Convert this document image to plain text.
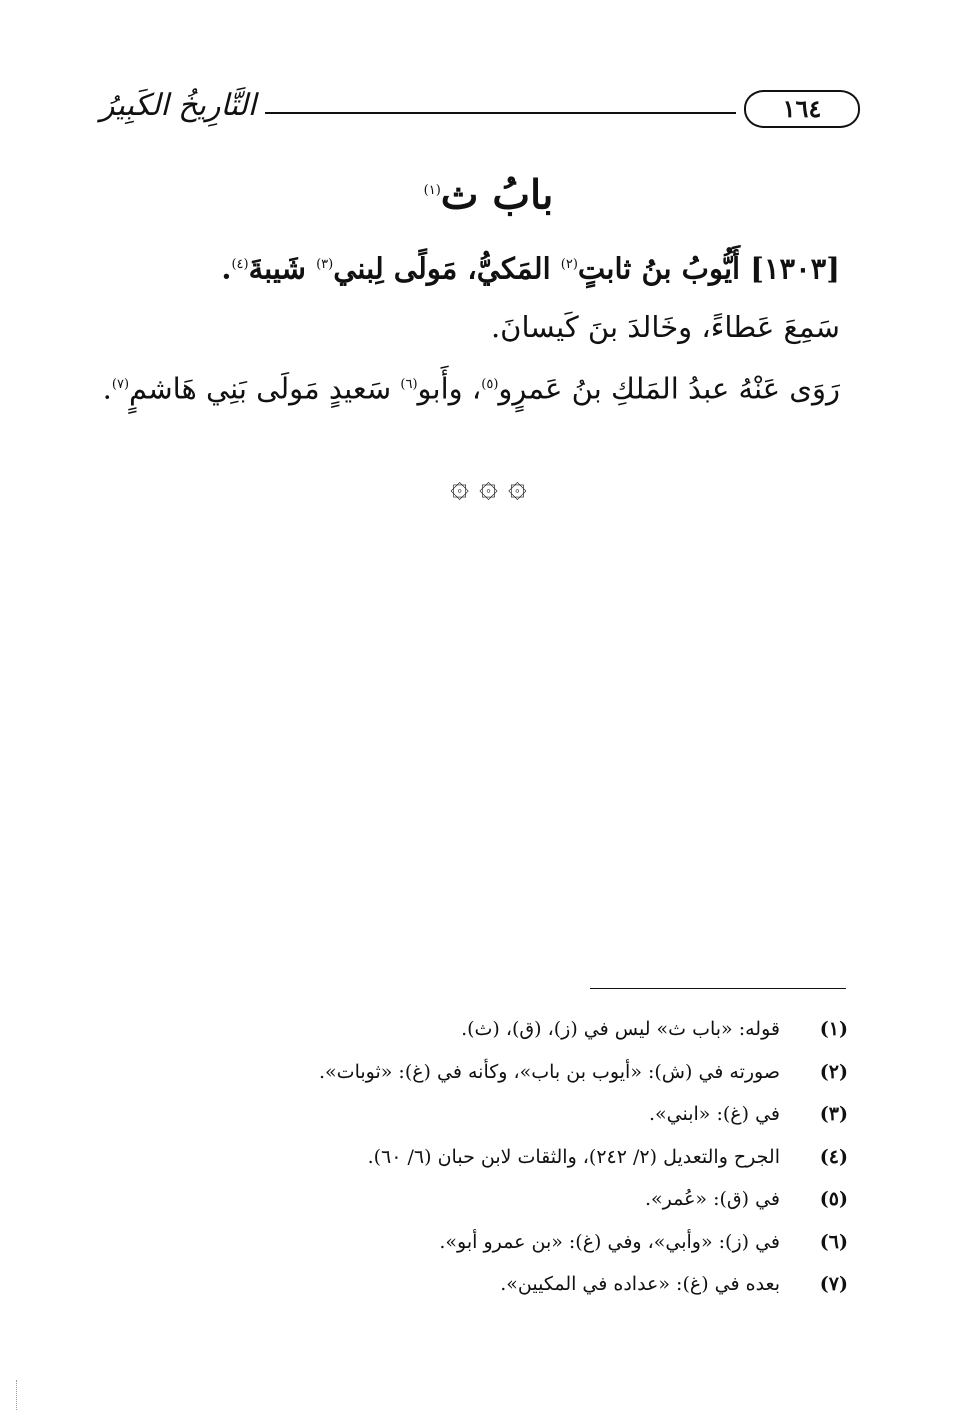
التَّارِيخُ الكَبِيرُ	١٦٤
بابُ ث$^{(١)}$
[١٣٠٣] أَيُّوبُ بنُ ثابتٍ$^{(٢)}$ المَكيُّ، مَولًى لِبني$^{(٣)}$ شَيبةَ$^{(٤)}$.
سَمِعَ عَطاءً، وخَالدَ بنَ كَيسانَ.
رَوَى عَنْهُ عبدُ المَلكِ بنُ عَمرٍو$^{(٥)}$، وأَبو$^{(٦)}$ سَعيدٍ مَولَى بَنِي هَاشمٍ$^{(٧)}$.
۞ ۞ ۞
(١)قوله: «باب ث» ليس في (ز)، (ق)، (ث).
(٢)صورته في (ش): «أيوب بن باب»، وكأنه في (غ): «ثوبات».
(٣)في (غ): «ابني».
(٤)الجرح والتعديل (٢/ ٢٤٢)، والثقات لابن حبان (٦/ ٦٠).
(٥)في (ق): «عُمر».
(٦)في (ز): «وأبي»، وفي (غ): «بن عمرو أبو».
(٧)بعده في (غ): «عداده في المكيين».
